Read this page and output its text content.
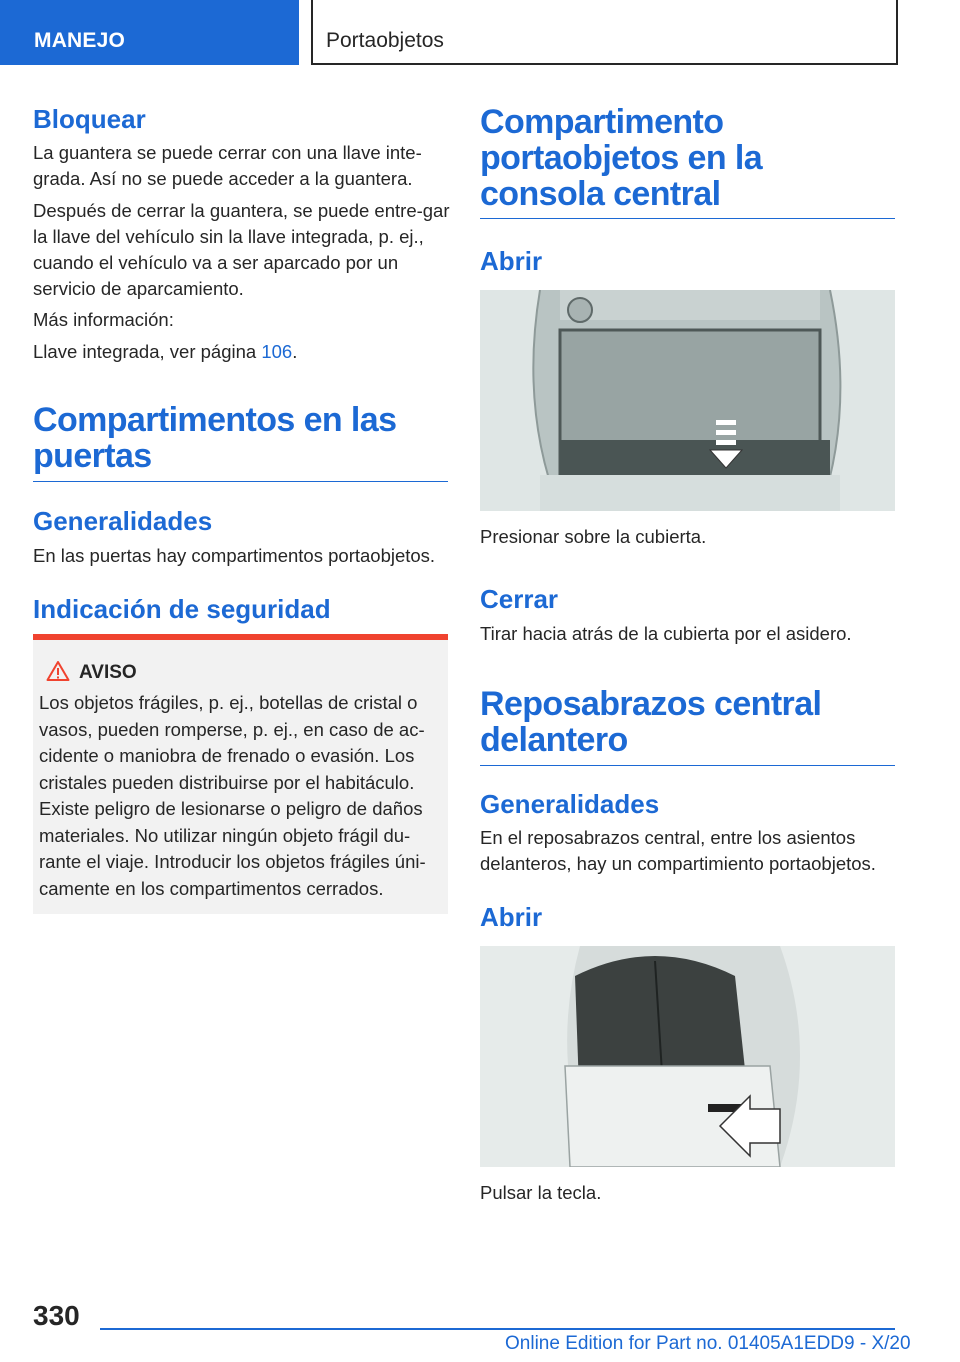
MANEJO	Portaobjetos
Bloquear

La guantera se puede cerrar con una llave inte-grada. Así no se puede acceder a la guantera.

Después de cerrar la guantera, se puede entre-gar la llave del vehículo sin la llave integrada, p. ej., cuando el vehículo va a ser aparcado por un servicio de aparcamiento.

Más información:

Llave integrada, ver página 106.

Compartimentos en las puertas
Generalidades

En las puertas hay compartimentos portaobjetos.

Indicación de seguridad
AVISO
Los objetos frágiles, p. ej., botellas de cristal o vasos, pueden romperse, p. ej., en caso de ac-cidente o maniobra de frenado o evasión. Los cristales pueden distribuirse por el habitáculo. Existe peligro de lesionarse o peligro de daños materiales. No utilizar ningún objeto frágil du-rante el viaje. Introducir los objetos frágiles úni-camente en los compartimentos cerrados.
Compartimento portaobjetos en la consola central
Abrir

Presionar sobre la cubierta.

Cerrar

Tirar hacia atrás de la cubierta por el asidero.

Reposabrazos central delantero
Generalidades

En el reposabrazos central, entre los asientos delanteros, hay un compartimiento portaobjetos.

Abrir

Pulsar la tecla.

330
Online Edition for Part no. 01405A1EDD9 - X/20
